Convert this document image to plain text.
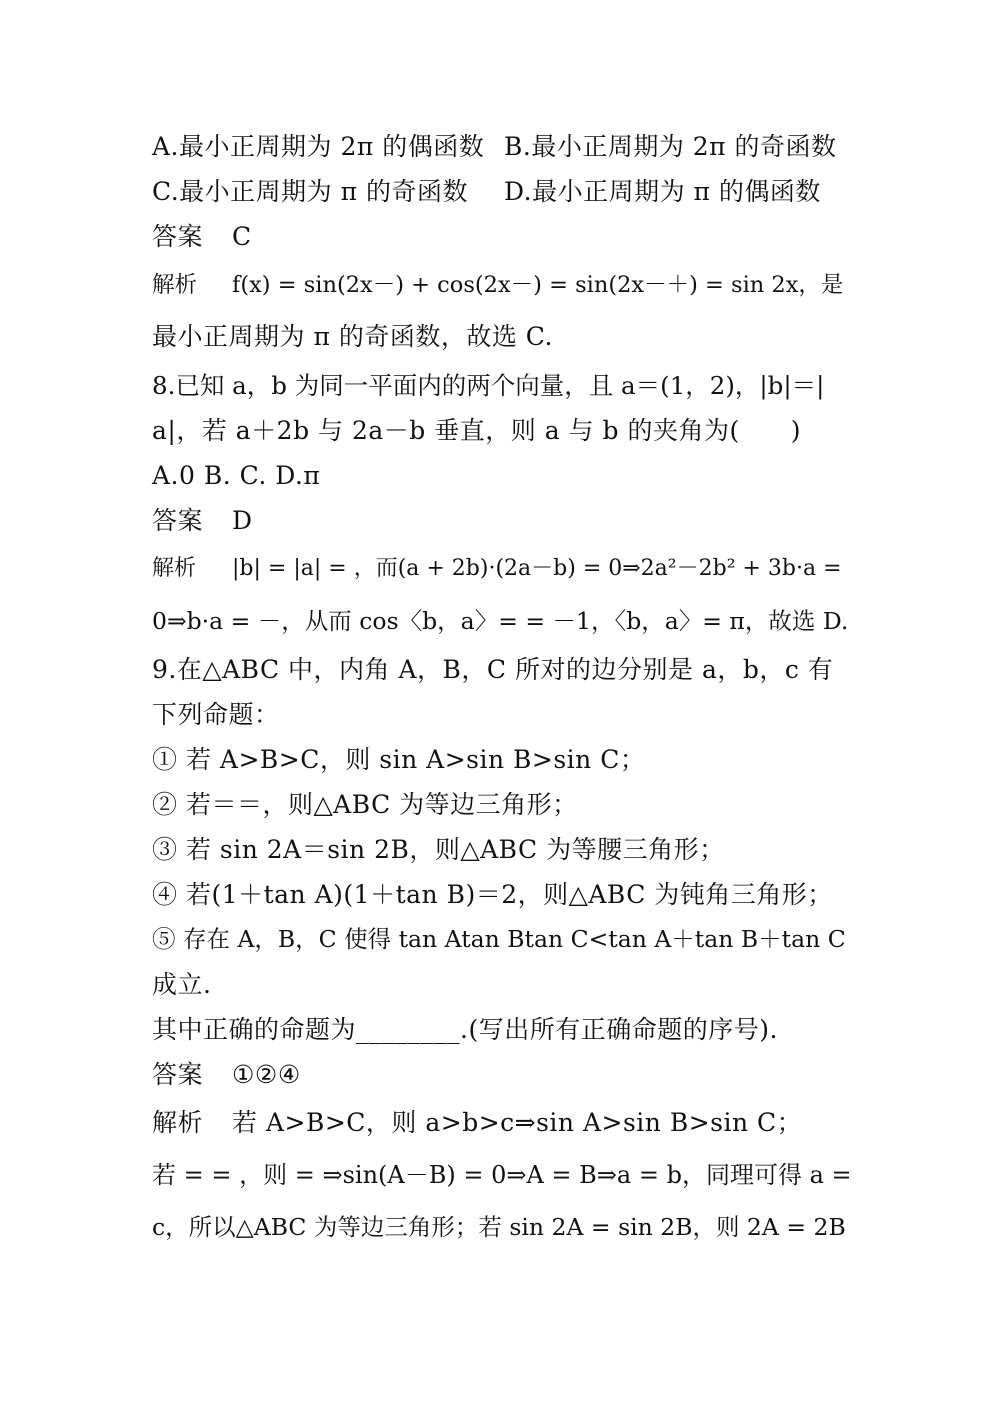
A.最小正周期为 2π 的偶函数 B.最小正周期为 2π 的奇函数
C.最小正周期为 π 的奇函数 D.最小正周期为 π 的偶函数
答案 C
解析 f(x) = sin(2x－) + cos(2x－) = sin(2x－＋) = sin 2x，是
最小正周期为 π 的奇函数，故选 C.
8.已知 a，b 为同一平面内的两个向量，且 a＝(1，2)，|b|＝|
a|，若 a＋2b 与 2a－b 垂直，则 a 与 b 的夹角为(　　)
A.0 B. C. D.π
答案 D
解析 |b| = |a| = ，而(a + 2b)·(2a－b) = 0⇒2a²－2b² + 3b·a =
0⇒b·a = －，从而 cos〈b，a〉= = －1，〈b，a〉= π，故选 D.
9.在△ABC 中，内角 A，B，C 所对的边分别是 a，b，c 有
下列命题：
① 若 A>B>C，则 sin A>sin B>sin C；
② 若＝＝，则△ABC 为等边三角形；
③ 若 sin 2A＝sin 2B，则△ABC 为等腰三角形；
④ 若(1＋tan A)(1＋tan B)＝2，则△ABC 为钝角三角形；
⑤ 存在 A，B，C 使得 tan Atan Btan C<tan A＋tan B＋tan C
成立.
其中正确的命题为________.(写出所有正确命题的序号).
答案 ①②④
解析 若 A>B>C，则 a>b>c⇒sin A>sin B>sin C；
若 = = ，则 = ⇒sin(A－B) = 0⇒A = B⇒a = b，同理可得 a =
c，所以△ABC 为等边三角形；若 sin 2A = sin 2B，则 2A = 2B
